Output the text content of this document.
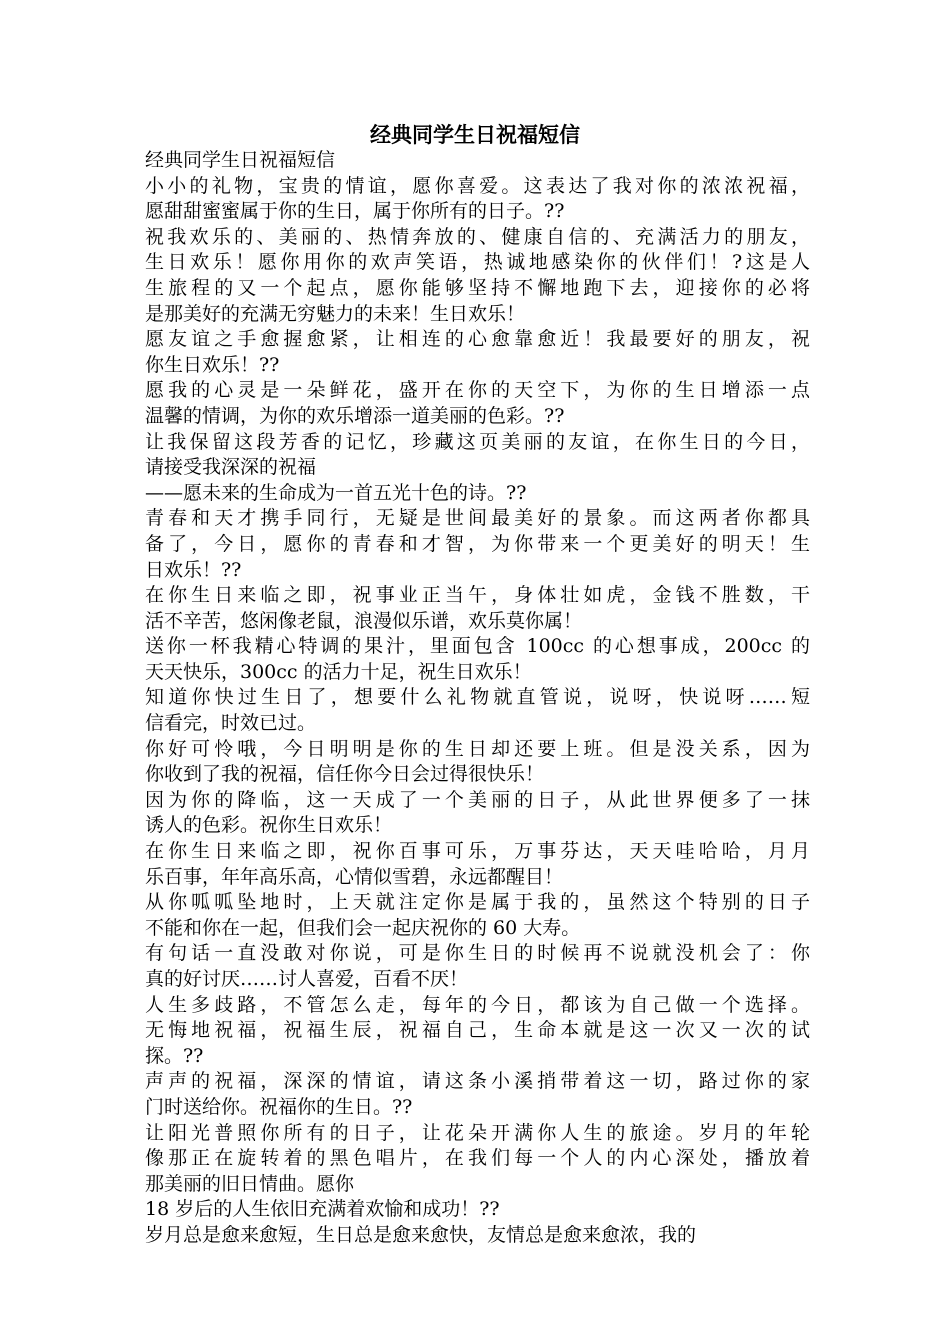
经典同学生日祝福短信

经典同学生日祝福短信

小小的礼物，宝贵的情谊，愿你喜爱。这表达了我对你的浓浓祝福，
愿甜甜蜜蜜属于你的生日，属于你所有的日子。??

祝我欢乐的、美丽的、热情奔放的、健康自信的、充满活力的朋友，
生日欢乐！愿你用你的欢声笑语，热诚地感染你的伙伴们！?这是人
生旅程的又一个起点，愿你能够坚持不懈地跑下去，迎接你的必将
是那美好的充满无穷魅力的未来！生日欢乐！

愿友谊之手愈握愈紧，让相连的心愈靠愈近！我最要好的朋友，祝
你生日欢乐！??

愿我的心灵是一朵鲜花，盛开在你的天空下，为你的生日增添一点
温馨的情调，为你的欢乐增添一道美丽的色彩。??

让我保留这段芳香的记忆，珍藏这页美丽的友谊，在你生日的今日，
请接受我深深的祝福

——愿未来的生命成为一首五光十色的诗。??

青春和天才携手同行，无疑是世间最美好的景象。而这两者你都具
备了，今日，愿你的青春和才智，为你带来一个更美好的明天！生
日欢乐！??

在你生日来临之即，祝事业正当午，身体壮如虎，金钱不胜数，干
活不辛苦，悠闲像老鼠，浪漫似乐谱，欢乐莫你属！

送你一杯我精心特调的果汁，里面包含 100cc 的心想事成，200cc 的
天天快乐，300cc 的活力十足，祝生日欢乐！

知道你快过生日了，想要什么礼物就直管说，说呀，快说呀……短
信看完，时效已过。

你好可怜哦，今日明明是你的生日却还要上班。但是没关系，因为
你收到了我的祝福，信任你今日会过得很快乐！

因为你的降临，这一天成了一个美丽的日子，从此世界便多了一抹
诱人的色彩。祝你生日欢乐！

在你生日来临之即，祝你百事可乐，万事芬达，天天哇哈哈，月月
乐百事，年年高乐高，心情似雪碧，永远都醒目！

从你呱呱坠地时，上天就注定你是属于我的，虽然这个特别的日子
不能和你在一起，但我们会一起庆祝你的 60 大寿。

有句话一直没敢对你说，可是你生日的时候再不说就没机会了：你
真的好讨厌……讨人喜爱，百看不厌！

人生多歧路，不管怎么走，每年的今日，都该为自己做一个选择。
无悔地祝福，祝福生辰，祝福自己，生命本就是这一次又一次的试
探。??

声声的祝福，深深的情谊，请这条小溪捎带着这一切，路过你的家
门时送给你。祝福你的生日。??

让阳光普照你所有的日子，让花朵开满你人生的旅途。岁月的年轮
像那正在旋转着的黑色唱片，在我们每一个人的内心深处，播放着
那美丽的旧日情曲。愿你

18 岁后的人生依旧充满着欢愉和成功！??

岁月总是愈来愈短，生日总是愈来愈快，友情总是愈来愈浓，我的
